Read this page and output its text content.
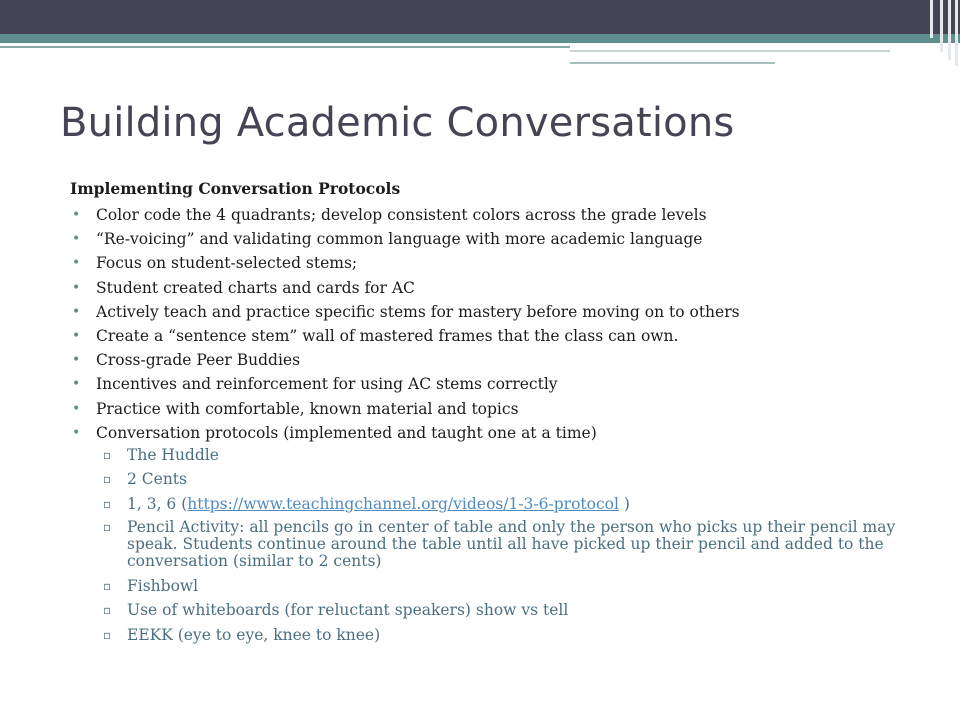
Building Academic Conversations

Implementing Conversation Protocols

• Color code the 4 quadrants; develop consistent colors across the grade levels
• “Re-voicing” and validating common language with more academic language
• Focus on student-selected stems;
• Student created charts and cards for AC
• Actively teach and practice specific stems for mastery before moving on to others
• Create a “sentence stem” wall of mastered frames that the class can own.
• Cross-grade Peer Buddies
• Incentives and reinforcement for using AC stems correctly
• Practice with comfortable, known material and topics
• Conversation protocols (implemented and taught one at a time)
▫ The Huddle
▫ 2 Cents
▫ 1, 3, 6 (https://www.teachingchannel.org/videos/1-3-6-protocol )
▫ Pencil Activity: all pencils go in center of table and only the person who picks up their pencil may speak. Students continue around the table until all have picked up their pencil and added to the conversation (similar to 2 cents)
▫ Fishbowl
▫ Use of whiteboards (for reluctant speakers) show vs tell
▫ EEKK (eye to eye, knee to knee)
